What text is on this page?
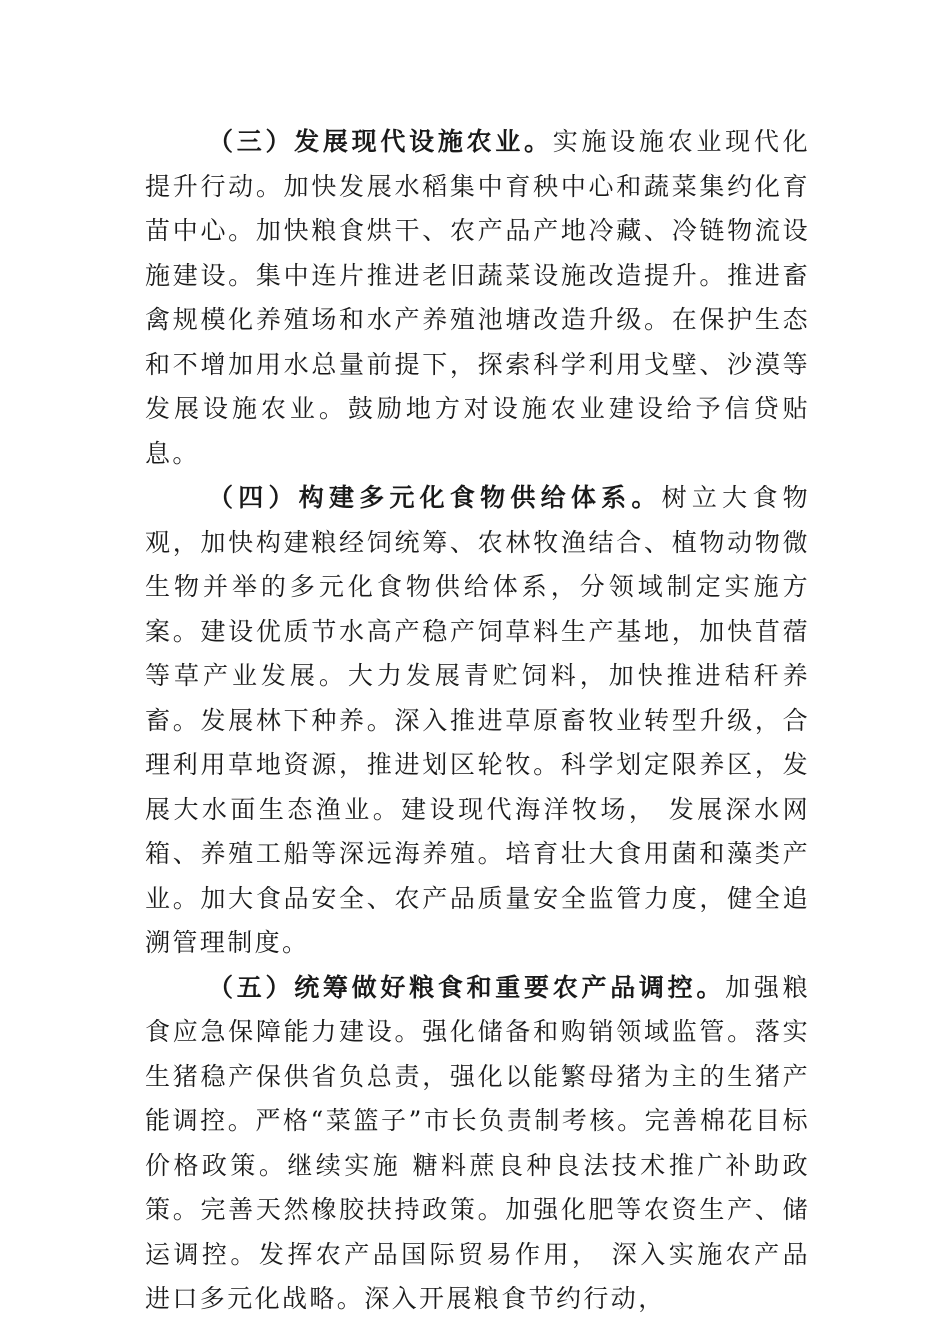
（三）发展现代设施农业。实施设施农业现代化提升行动。加快发展水稻集中育秧中心和蔬菜集约化育苗中心。加快粮食烘干、农产品产地冷藏、冷链物流设施建设。集中连片推进老旧蔬菜设施改造提升。推进畜禽规模化养殖场和水产养殖池塘改造升级。在保护生态和不增加用水总量前提下，探索科学利用戈壁、沙漠等发展设施农业。鼓励地方对设施农业建设给予信贷贴息。

（四）构建多元化食物供给体系。树立大食物观，加快构建粮经饲统筹、农林牧渔结合、植物动物微生物并举的多元化食物供给体系，分领域制定实施方案。建设优质节水高产稳产饲草料生产基地，加快苜蓿等草产业发展。大力发展青贮饲料，加快推进秸秆养畜。发展林下种养。深入推进草原畜牧业转型升级，合理利用草地资源，推进划区轮牧。科学划定限养区，发展大水面生态渔业。建设现代海洋牧场， 发展深水网箱、养殖工船等深远海养殖。培育壮大食用菌和藻类产业。加大食品安全、农产品质量安全监管力度，健全追溯管理制度。

（五）统筹做好粮食和重要农产品调控。加强粮食应急保障能力建设。强化储备和购销领域监管。落实生猪稳产保供省负总责，强化以能繁母猪为主的生猪产能调控。严格“菜篮子”市长负责制考核。完善棉花目标价格政策。继续实施 糖料蔗良种良法技术推广补助政策。完善天然橡胶扶持政策。加强化肥等农资生产、储运调控。发挥农产品国际贸易作用， 深入实施农产品进口多元化战略。深入开展粮食节约行动，
